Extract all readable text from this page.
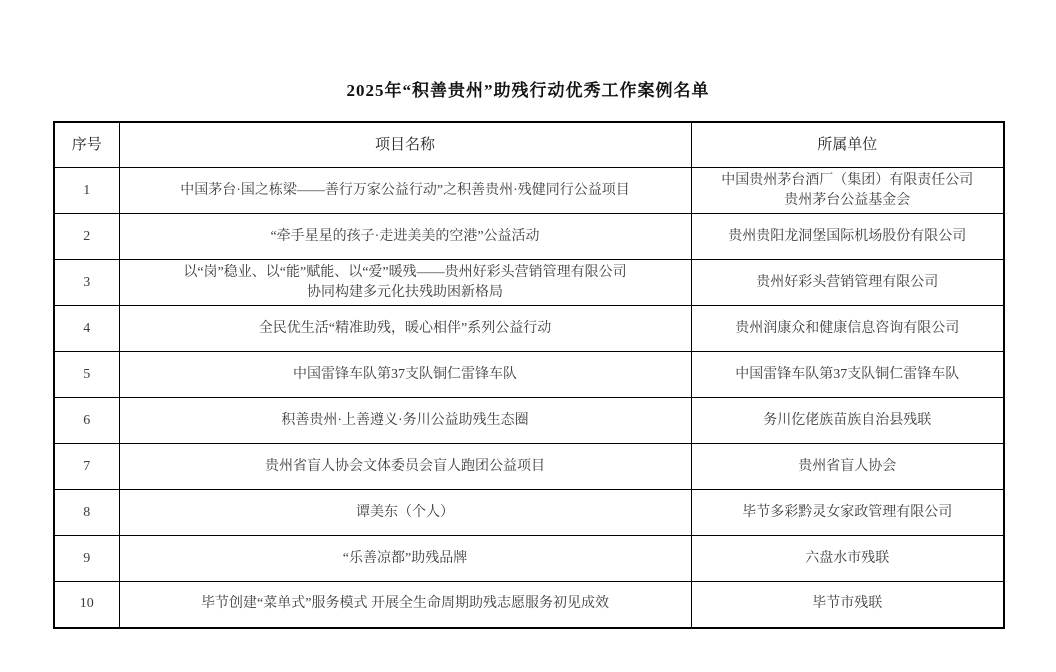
2025年“积善贵州”助残行动优秀工作案例名单
序号	项目名称	所属单位

1	中国茅台·国之栋梁——善行万家公益行动”之积善贵州·残健同行公益项目	中国贵州茅台酒厂（集团）有限责任公司
贵州茅台公益基金会

2	“牵手星星的孩子·走进美美的空港”公益活动	贵州贵阳龙洞堡国际机场股份有限公司

3	以“岗”稳业、以“能”赋能、以“爱”暖残——贵州好彩头营销管理有限公司
协同构建多元化扶残助困新格局	贵州好彩头营销管理有限公司

4	全民优生活“精准助残，暖心相伴”系列公益行动	贵州润康众和健康信息咨询有限公司

5	中国雷锋车队第37支队铜仁雷锋车队	中国雷锋车队第37支队铜仁雷锋车队

6	积善贵州·上善遵义·务川公益助残生态圈	务川仡佬族苗族自治县残联

7	贵州省盲人协会文体委员会盲人跑团公益项目	贵州省盲人协会

8	谭美东（个人）	毕节多彩黔灵女家政管理有限公司

9	“乐善凉都”助残品牌	六盘水市残联

10	毕节创建“菜单式”服务模式 开展全生命周期助残志愿服务初见成效	毕节市残联
